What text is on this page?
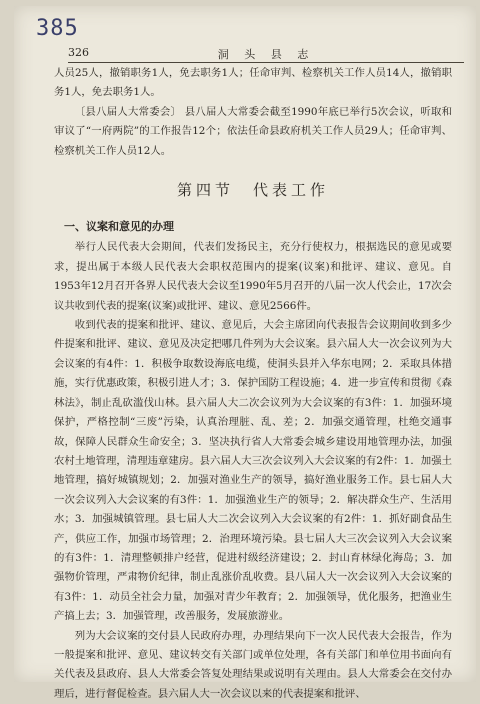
385
326	洞 头 县 志

人员25人，撤销职务1人，免去职务1人；任命审判、检察机关工作人员14人，撤销职务1人，免去职务1人。

〔县八届人大常委会〕 县八届人大常委会截至1990年底已举行5次会议，听取和审议了“一府两院”的工作报告12个；依法任命县政府机关工作人员29人；任命审判、检察机关工作人员12人。

第四节　代表工作
一、议案和意见的办理

举行人民代表大会期间，代表们发扬民主，充分行使权力，根据选民的意见或要求，提出属于本级人民代表大会职权范围内的提案(议案)和批评、建议、意见。自1953年12月召开各界人民代表大会议至1990年5月召开的八届一次人代会止，17次会议共收到代表的提案(议案)或批评、建议、意见2566件。

收到代表的提案和批评、建议、意见后，大会主席团向代表报告会议期间收到多少件提案和批评、建议、意见及决定把哪几件列为大会议案。县六届人大一次会议列为大会议案的有4件：1．积极争取数设海底电缆，使洞头县并入华东电网；2．采取具体措施，实行优惠政策，积极引进人才；3．保护国防工程设施；4．进一步宣传和贯彻《森林法》，制止乱砍滥伐山林。县六届人大二次会议列为大会议案的有3件：1．加强环境保护，严格控制“三废”污染，认真治理脏、乱、差；2．加强交通管理，杜绝交通事故，保障人民群众生命安全；3．坚决执行省人大常委会城乡建设用地管理办法，加强农村土地管理，清理违章建房。县六届人大三次会议列入大会议案的有2件：1．加强土地管理，搞好城镇规划；2．加强对渔业生产的领导，搞好渔业服务工作。县七届人大一次会议列入大会议案的有3件：1．加强渔业生产的领导；2．解决群众生产、生活用水；3．加强城镇管理。县七届人大二次会议列入大会议案的有2件：1．抓好副食品生产，供应工作，加强市场管理；2．治理环境污染。县七届人大三次会议列入大会议案的有3件：1．清理整顿排户经营，促进村级经济建设；2．封山育林绿化海岛；3．加强物价管理，严肃物价纪律，制止乱涨价乱收费。县八届人大一次会议列入大会议案的有3件：1．动员全社会力量，加强对青少年教育；2．加强领导，优化服务，把渔业生产搞上去；3．加强管理，改善服务，发展旅游业。

列为大会议案的交付县人民政府办理，办理结果向下一次人民代表大会报告，作为一般提案和批评、意见、建议转交有关部门或单位处理，各有关部门和单位用书面向有关代表及县政府、县人大常委会答复处理结果或说明有关理由。县人大常委会在交付办理后，进行督促检查。县六届人大一次会议以来的代表提案和批评、
